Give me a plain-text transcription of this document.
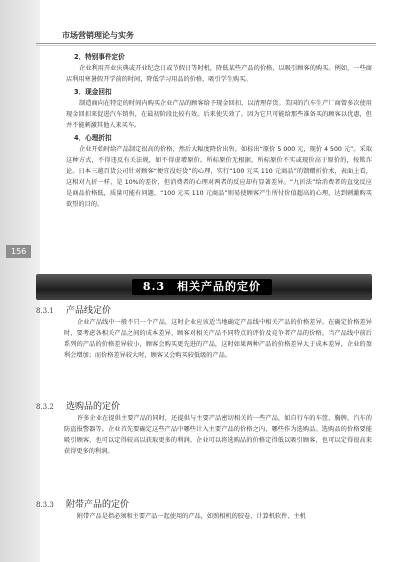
156
市场营销理论与实务

2．特别事件定价

企业利用开业庆典或开业纪念日或节假日等时机，降低某些产品的价格，以吸引顾客的购买。例如，一些商店利用寒暑假开学前的时间，降低学习用品的价格，吸引学生购买。

3．现金回扣

制造商向在特定的时间内购买企业产品的顾客给予现金回扣，以清理存货。美国的汽车生产厂商曾多次使用现金回扣来促进汽车销售，在最初阶段比较有效。后来使失效了。因为它只可能给那些准备买的顾客以优惠，但并不能刺激其他人来买车。

4．心理折扣

企业开始时给产品制定很高的价格，然后大幅度降价出售。如标出“原价 5 000 元，现价 4 500 元”。采取这种方式，不得违反有关法规，如不得虚增原价。所标原价无根据，所标原价不实或现价高于原价的，按欺诈论。日本三越百货公司针对顾客“便宜没好货”的心理，实行“100 元买 110 元商品”的馈赠折价术，表面上看，这相对九折一样，是 10%的差价，但消费者的心理对两者的反应却有显著差异。“九折法”给消费者的直觉反应是商品价格低，质量可能有问题，“100 元买 110 元商品”则易使顾客产生所付价值超高的心理，达到刺激购买欲望的目的。

8.3　相关产品的定价
8.3.1	产品线定价

企业产品线中一般不只一个产品，这时企业应该适当地确定产品线中相关产品的价格差异。在确定价格差异时，要考虑各相关产品之间的成本差异、顾客对相关产品不同特点的评价及竞争者产品的价格。当产品线中前后系列的产品的价格差异较小，顾客会购买更先进的产品，这时如果两种产品的价格差异大于成本差异，企业的盈利会增加；而价格差异较大时，顾客又会购买较低级的产品。

8.3.2	选购品的定价

许多企业在提供主要产品的同时，还提供与主要产品密切相关的一些产品，如自行车的车筐、胸牌，汽车的防盗报警器等。企业首先要确定这些产品中哪些计入主要产品的价格之内，哪些作为选购品。选购品的价格要能吸引顾客，也可以定得较高以获取更多的利润。企业可以将选购品的价格定得低以吸引顾客，也可以定得很高来获得更多的利润。

8.3.3	附带产品的定价

附带产品是指必须和主要产品一起使用的产品，如照相机的胶卷、计算机软件、主机
